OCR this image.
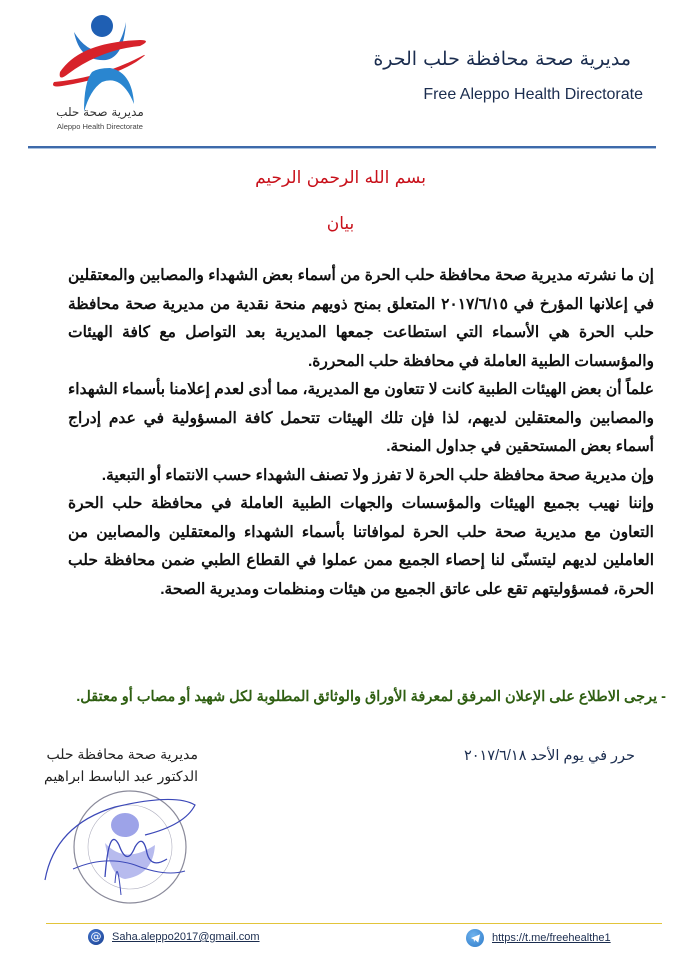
مديرية صحة حلب
Aleppo Health Directorate
مديرية صحة محافظة حلب الحرة
Free Aleppo Health Directorate
بسم الله الرحمن الرحيم
بيان

إن ما نشرته مديرية صحة محافظة حلب الحرة من أسماء بعض الشهداء والمصابين والمعتقلين في إعلانها المؤرخ في ٢٠١٧/٦/١٥ المتعلق بمنح ذويهم منحة نقدية من مديرية صحة محافظة حلب الحرة هي الأسماء التي استطاعت جمعها المديرية بعد التواصل مع كافة الهيئات والمؤسسات الطبية العاملة في محافظة حلب المحررة.

علماً أن بعض الهيئات الطبية كانت لا تتعاون مع المديرية، مما أدى لعدم إعلامنا بأسماء الشهداء والمصابين والمعتقلين لديهم، لذا فإن تلك الهيئات تتحمل كافة المسؤولية في عدم إدراج أسماء بعض المستحقين في جداول المنحة.

وإن مديرية صحة محافظة حلب الحرة لا تفرز ولا تصنف الشهداء حسب الانتماء أو التبعية.

وإننا نهيب بجميع الهيئات والمؤسسات والجهات الطبية العاملة في محافظة حلب الحرة التعاون مع مديرية صحة حلب الحرة لموافاتنا بأسماء الشهداء والمعتقلين والمصابين من العاملين لديهم ليتسنّى لنا إحصاء الجميع ممن عملوا في القطاع الطبي ضمن محافظة حلب الحرة، فمسؤوليتهم تقع على عاتق الجميع من هيئات ومنظمات ومديرية الصحة.

- يرجى الاطلاع على الإعلان المرفق لمعرفة الأوراق والوثائق المطلوبة لكل شهيد أو مصاب أو معتقل.
مديرية صحة محافظة حلب
الدكتور عبد الباسط ابراهيم
حرر في يوم الأحد ٢٠١٧/٦/١٨
@ Saha.aleppo2017@gmail.com	https://t.me/freehealthe1
